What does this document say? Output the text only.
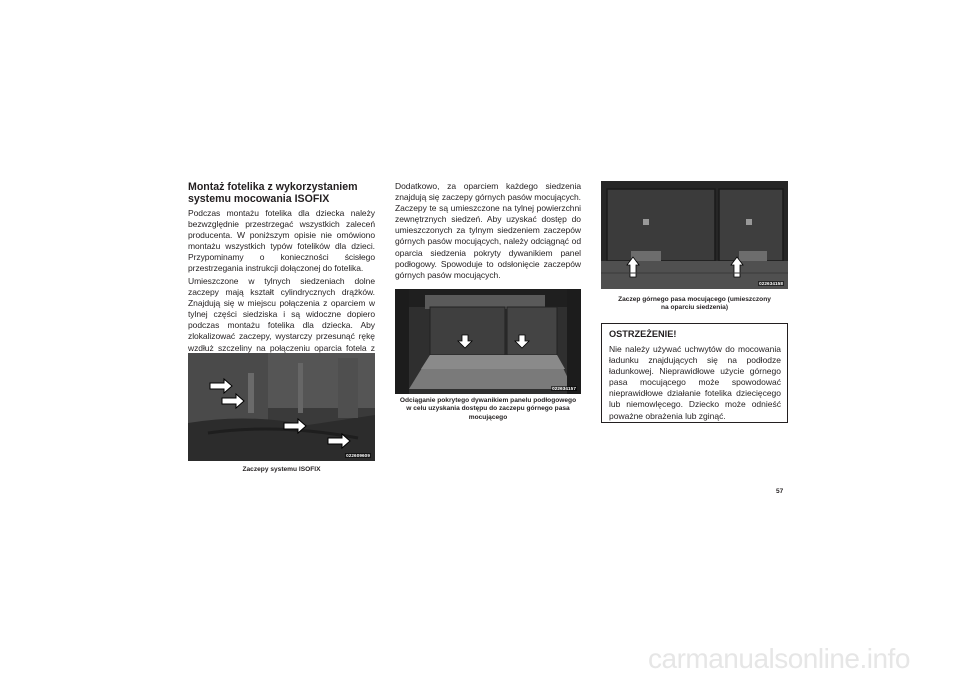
Montaż fotelika z wykorzystaniem
systemu mocowania ISOFIX

Podczas montażu fotelika dla dziecka należy bezwzględnie przestrzegać wszystkich zaleceń producenta. W poniższym opisie nie omówiono montażu wszystkich typów fotelików dla dzieci. Przypominamy o konieczności ścisłego przestrzegania instrukcji dołączonej do fotelika.

Umieszczone w tylnych siedzeniach dolne zaczepy mają kształt cylindrycznych drążków. Znajdują się w miejscu połączenia z oparciem w tylnej części siedziska i są widoczne dopiero podczas montażu fotelika dla dziecka. Aby zlokalizować zaczepy, wystarczy przesunąć rękę wzdłuż szczeliny na połączeniu oparcia fotela z

022609609

Zaczepy systemu ISOFIX

Dodatkowo, za oparciem każdego siedzenia znajdują się zaczepy górnych pasów mocujących. Zaczepy te są umieszczone na tylnej powierzchni zewnętrznych siedzeń. Aby uzyskać dostęp do umieszczonych za tylnym siedzeniem zaczepów górnych pasów mocujących, należy odciągnąć od oparcia siedzenia pokryty dywanikiem panel podłogowy. Spowoduje to odsłonięcie zaczepów górnych pasów mocujących.

022634157

Odciąganie pokrytego dywanikiem panelu podłogowego
w celu uzyskania dostępu do zaczepu górnego pasa
mocującego

022634158

Zaczep górnego pasa mocującego (umieszczony
na oparciu siedzenia)

OSTRZEŻENIE!

Nie należy używać uchwytów do mocowania ładunku znajdujących się na podłodze ładunkowej. Nieprawidłowe użycie górnego pasa mocującego może spowodować nieprawidłowe działanie fotelika dziecięcego lub niemowlęcego. Dziecko może odnieść poważne obrażenia lub zginąć.

57
carmanualsonline.info
